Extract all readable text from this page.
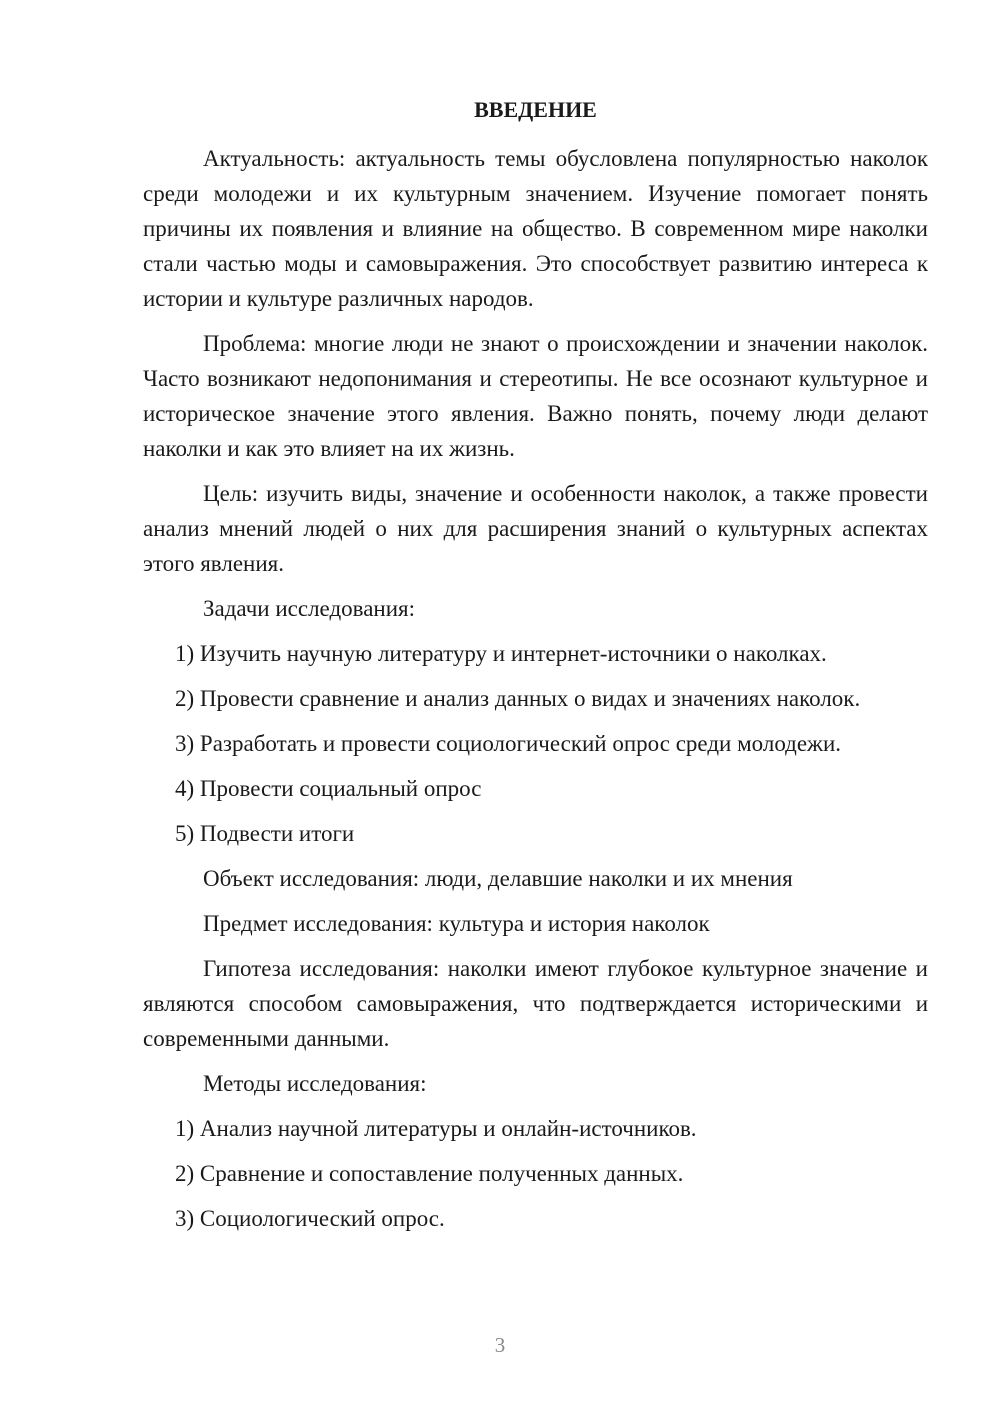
ВВЕДЕНИЕ

Актуальность: актуальность темы обусловлена популярностью наколок среди молодежи и их культурным значением. Изучение помогает понять причины их появления и влияние на общество. В современном мире наколки стали частью моды и самовыражения. Это способствует развитию интереса к истории и культуре различных народов.

Проблема: многие люди не знают о происхождении и значении наколок. Часто возникают недопонимания и стереотипы. Не все осознают культурное и историческое значение этого явления. Важно понять, почему люди делают наколки и как это влияет на их жизнь.

Цель: изучить виды, значение и особенности наколок, а также провести анализ мнений людей о них для расширения знаний о культурных аспектах этого явления.

Задачи исследования:
1) Изучить научную литературу и интернет-источники о наколках.
2) Провести сравнение и анализ данных о видах и значениях наколок.
3) Разработать и провести социологический опрос среди молодежи.
4) Провести социальный опрос
5) Подвести итоги
Объект исследования: люди, делавшие наколки и их мнения
Предмет исследования: культура и история наколок

Гипотеза исследования: наколки имеют глубокое культурное значение и являются способом самовыражения, что подтверждается историческими и современными данными.

Методы исследования:
1) Анализ научной литературы и онлайн-источников.
2) Сравнение и сопоставление полученных данных.
3) Социологический опрос.
3
